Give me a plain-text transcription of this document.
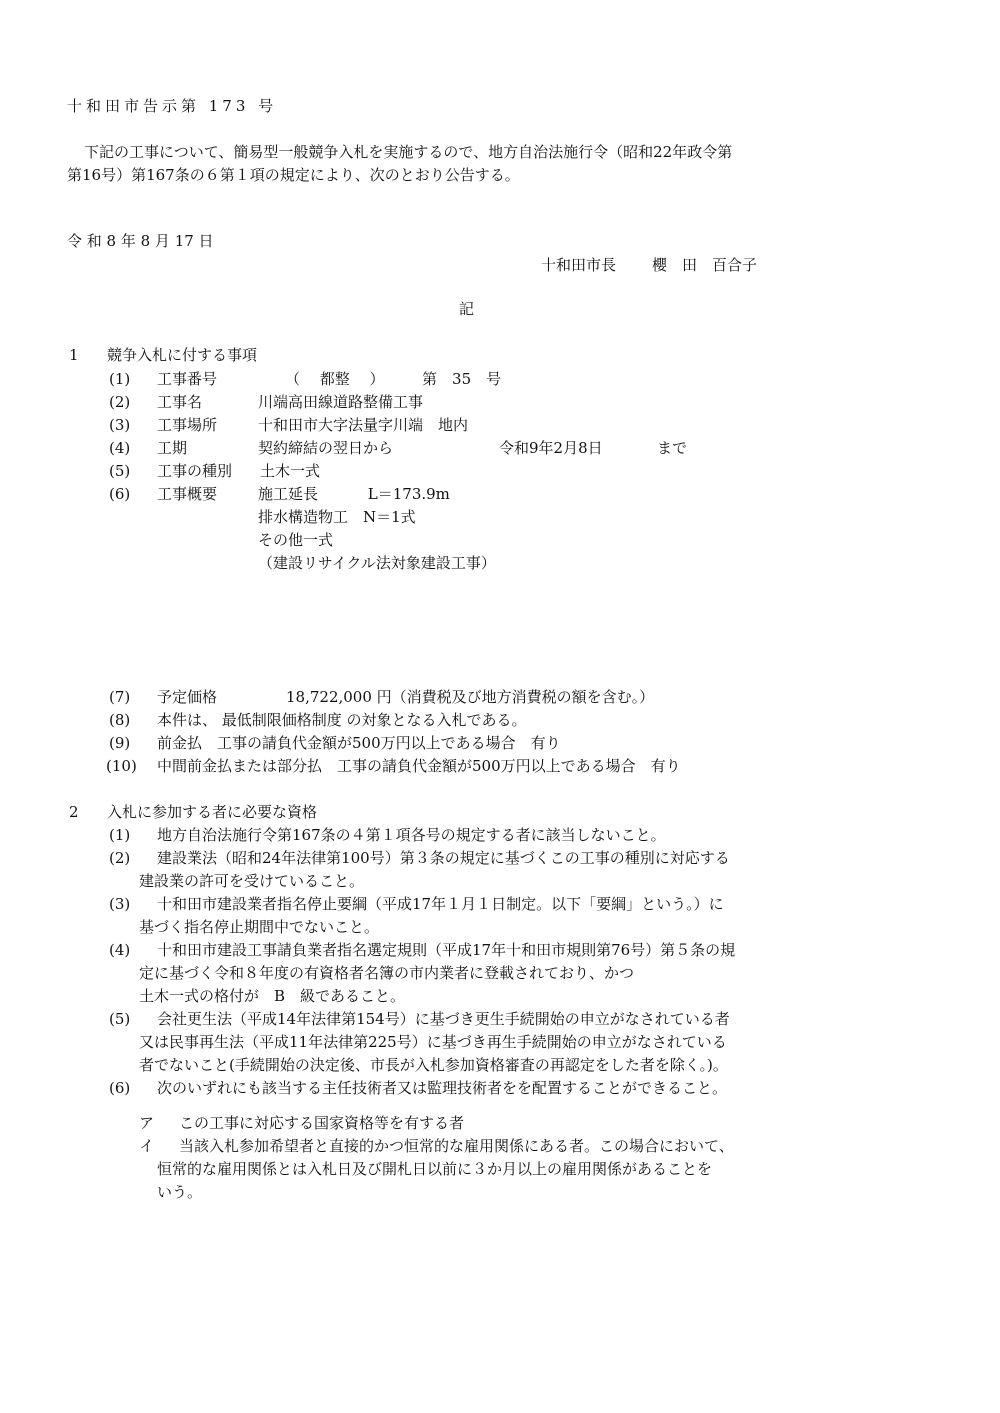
十和田市告示第 173 号
下記の工事について、簡易型一般競争入札を実施するので、地方自治法施行令（昭和22年政令第
第16号）第167条の６第１項の規定により、次のとおり公告する。
令 和 8 年 8 月 17 日
十和田市長 櫻　田　百合子
記
1 競争入札に付する事項
(1) 工事番号	（　 都整 　）　　　第　35　号
(2) 工事名	川端高田線道路整備工事
(3) 工事場所	十和田市大字法量字川端　地内
(4) 工期	契約締結の翌日から	令和9年2月8日	まで
(5) 工事の種別 土木一式
(6) 工事概要	施工延長　　　 L＝173.9m
排水構造物工　N＝1式
その他一式
（建設リサイクル法対象建設工事）
(7) 予定価格	18,722,000 円（消費税及び地方消費税の額を含む。）
(8) 本件は、 最低制限価格制度 の対象となる入札である。
(9) 前金払　工事の請負代金額が500万円以上である場合　有り
(10) 中間前金払または部分払　工事の請負代金額が500万円以上である場合　有り
2 入札に参加する者に必要な資格
(1) 地方自治法施行令第167条の４第１項各号の規定する者に該当しないこと。
(2) 建設業法（昭和24年法律第100号）第３条の規定に基づくこの工事の種別に対応する
建設業の許可を受けていること。
(3) 十和田市建設業者指名停止要綱（平成17年１月１日制定。以下「要綱」という。）に
基づく指名停止期間中でないこと。
(4) 十和田市建設工事請負業者指名選定規則（平成17年十和田市規則第76号）第５条の規
定に基づく令和８年度の有資格者名簿の市内業者に登載されており、かつ
土木一式の格付が　B　級であること。
(5) 会社更生法（平成14年法律第154号）に基づき更生手続開始の申立がなされている者
又は民事再生法（平成11年法律第225号）に基づき再生手続開始の申立がなされている
者でないこと(手続開始の決定後、市長が入札参加資格審査の再認定をした者を除く。)。
(6) 次のいずれにも該当する主任技術者又は監理技術者をを配置することができること。
ア この工事に対応する国家資格等を有する者
イ 当該入札参加希望者と直接的かつ恒常的な雇用関係にある者。この場合において、
恒常的な雇用関係とは入札日及び開札日以前に３か月以上の雇用関係があることを
いう。
